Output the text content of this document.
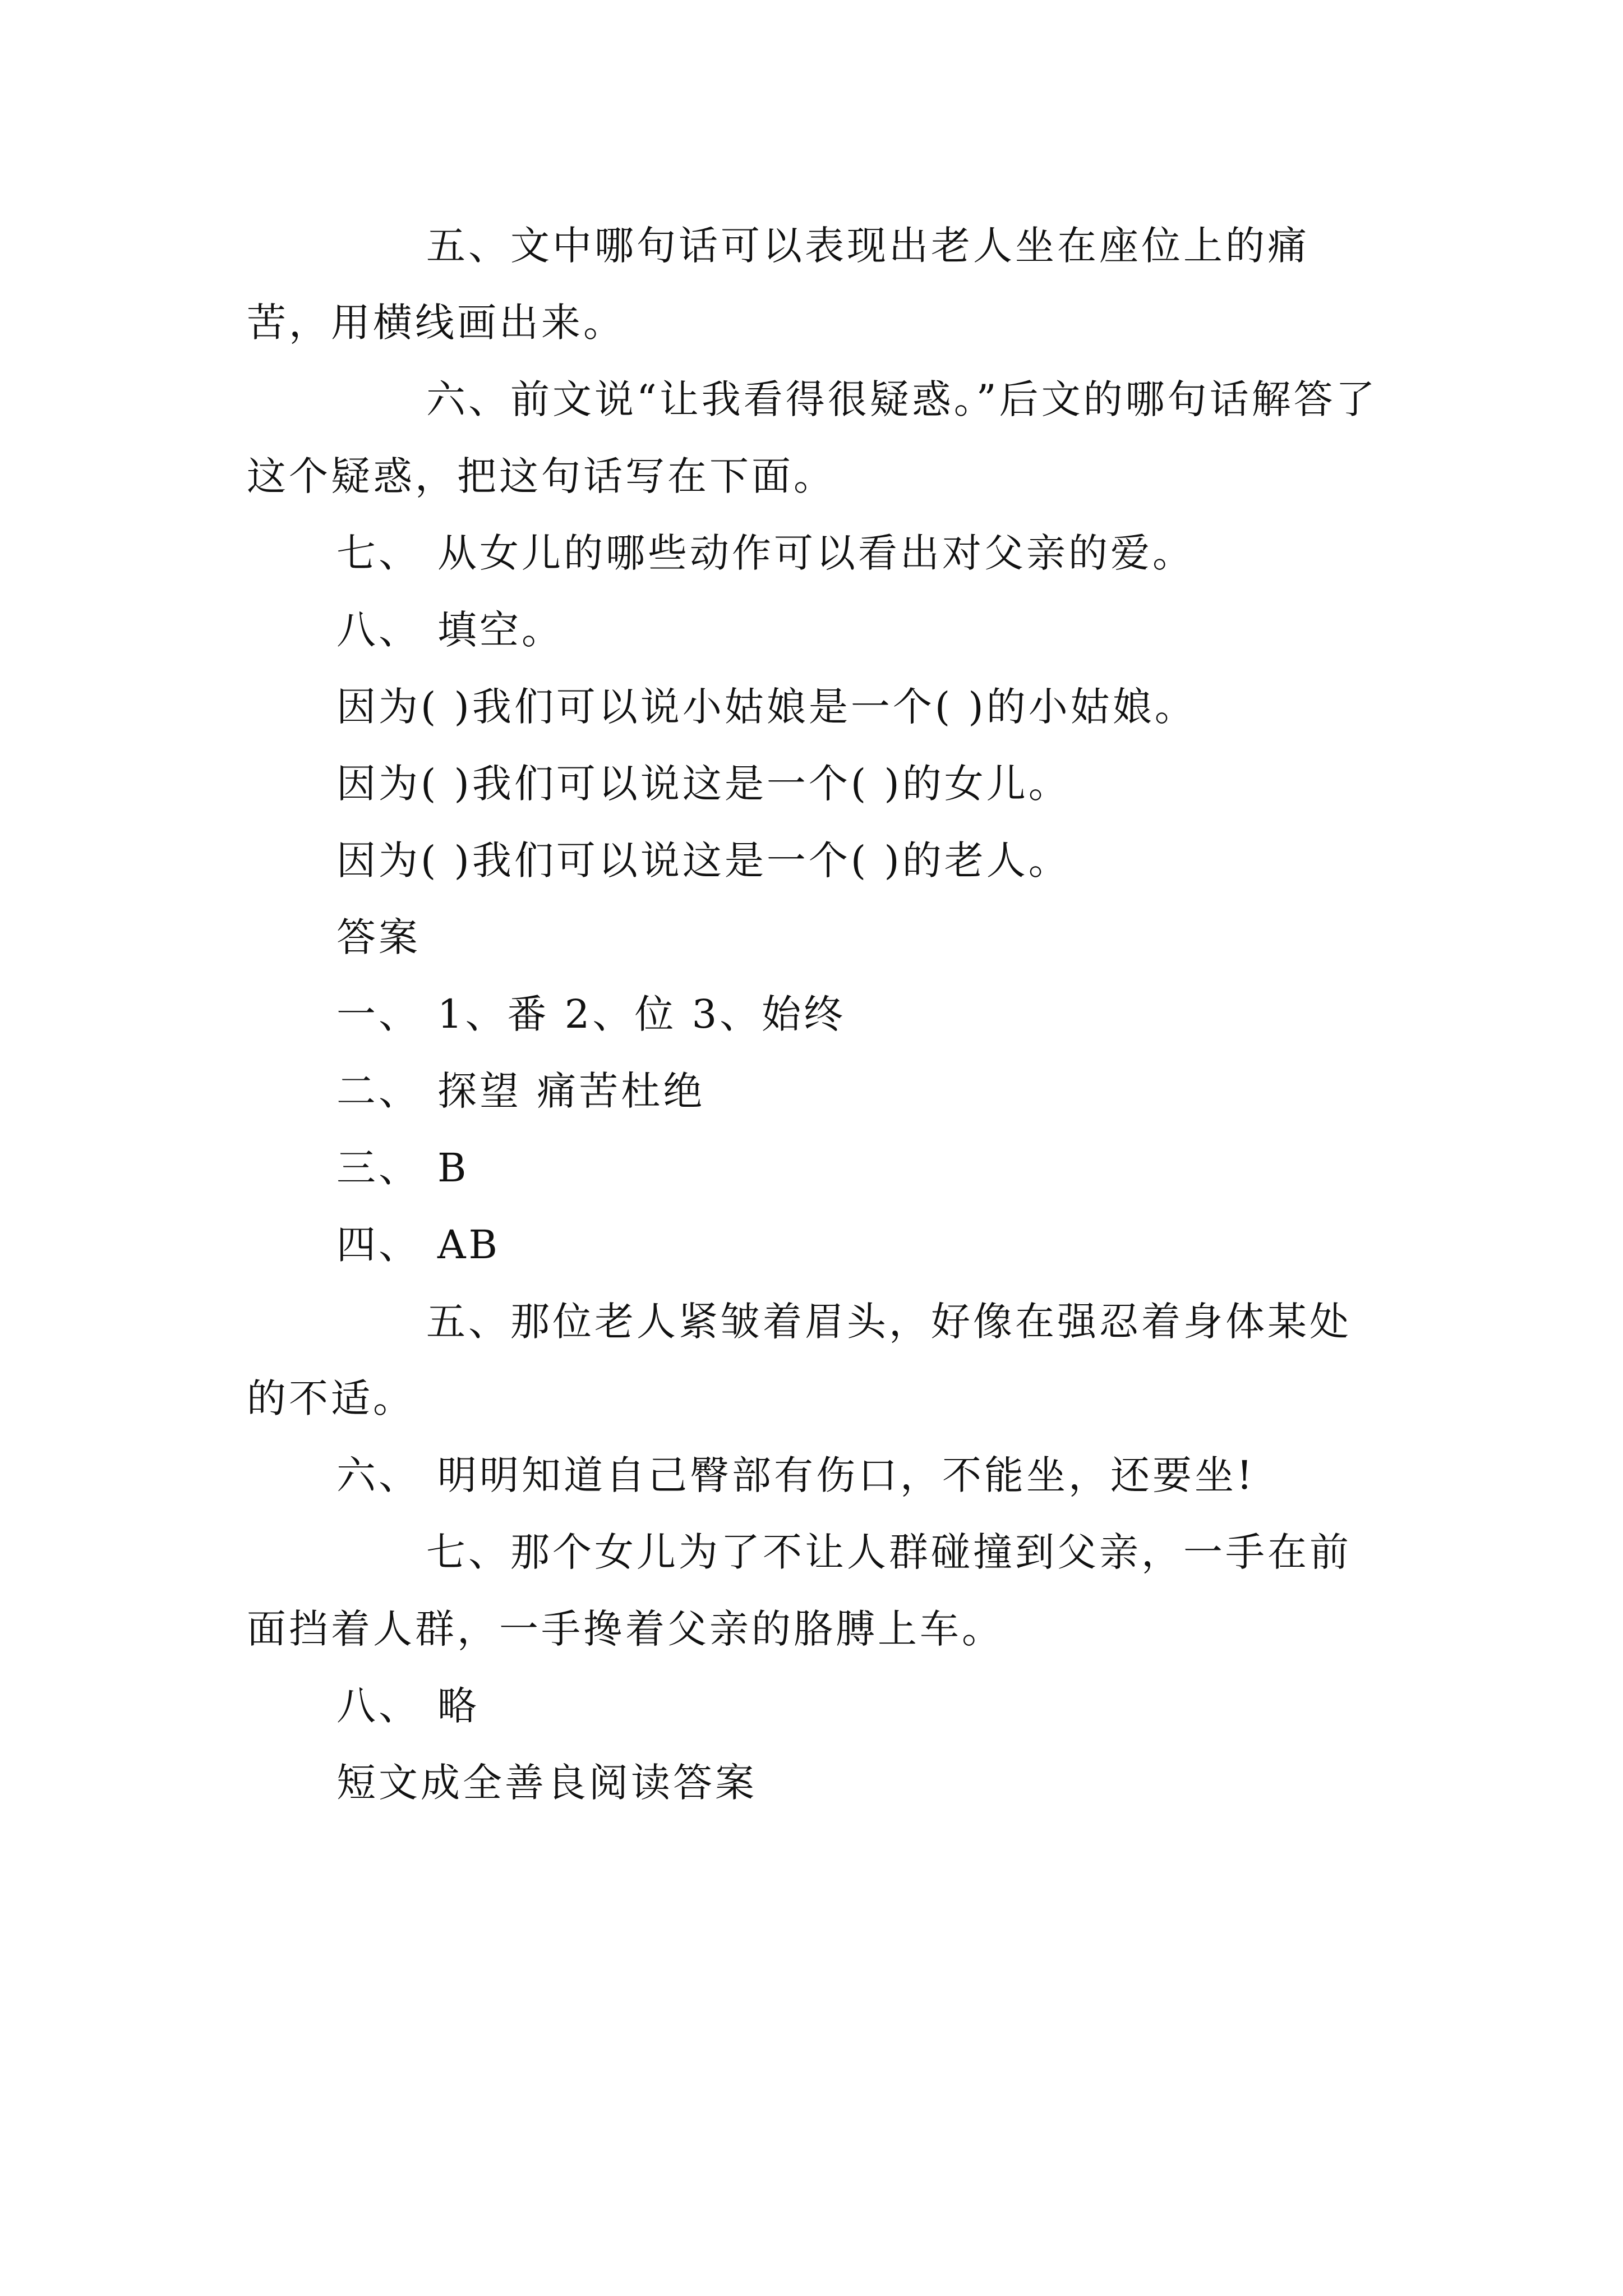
五、文中哪句话可以表现出老人坐在座位上的痛苦，用横线画出来。

六、前文说“让我看得很疑惑。”后文的哪句话解答了这个疑惑，把这句话写在下面。

七、 从女儿的哪些动作可以看出对父亲的爱。

八、 填空。

因为( )我们可以说小姑娘是一个( )的小姑娘。

因为( )我们可以说这是一个( )的女儿。

因为( )我们可以说这是一个( )的老人。

答案

一、 1、番 2、位 3、始终

二、 探望 痛苦杜绝

三、 B

四、 AB

五、那位老人紧皱着眉头，好像在强忍着身体某处的不适。

六、 明明知道自己臀部有伤口，不能坐，还要坐!

七、那个女儿为了不让人群碰撞到父亲，一手在前面挡着人群，一手搀着父亲的胳膊上车。

八、 略

短文成全善良阅读答案
